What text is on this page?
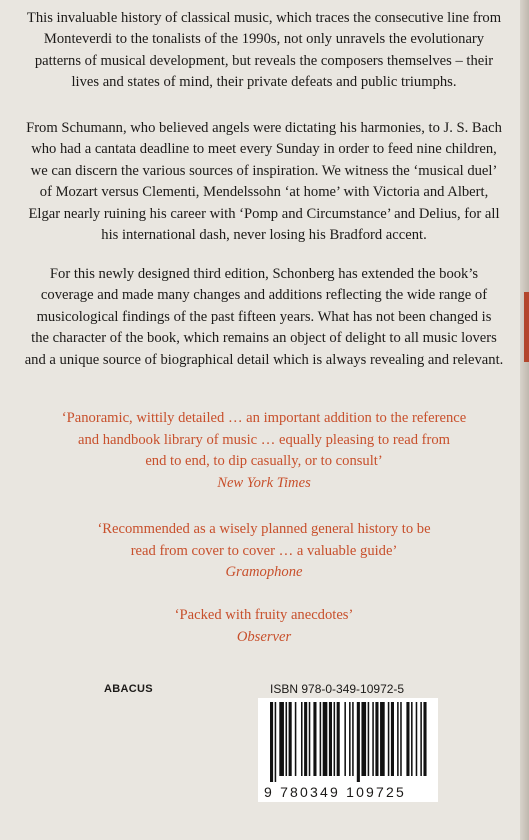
This invaluable history of classical music, which traces the consecutive line from
Monteverdi to the tonalists of the 1990s, not only unravels the evolutionary
patterns of musical development, but reveals the composers themselves – their
lives and states of mind, their private defeats and public triumphs.
From Schumann, who believed angels were dictating his harmonies, to J. S. Bach
who had a cantata deadline to meet every Sunday in order to feed nine children,
we can discern the various sources of inspiration. We witness the ‘musical duel’
of Mozart versus Clementi, Mendelssohn ‘at home’ with Victoria and Albert,
Elgar nearly ruining his career with ‘Pomp and Circumstance’ and Delius, for all
his international dash, never losing his Bradford accent.
For this newly designed third edition, Schonberg has extended the book’s
coverage and made many changes and additions reflecting the wide range of
musicological findings of the past fifteen years. What has not been changed is
the character of the book, which remains an object of delight to all music lovers
and a unique source of biographical detail which is always revealing and relevant.

‘Panoramic, wittily detailed … an important addition to the reference
and handbook library of music … equally pleasing to read from
end to end, to dip casually, or to consult’

New York Times

‘Recommended as a wisely planned general history to be
read from cover to cover … a valuable guide’

Gramophone

‘Packed with fruity anecdotes’

Observer

ABACUS	ISBN 978-0-349-10972-5
9 780349 109725
